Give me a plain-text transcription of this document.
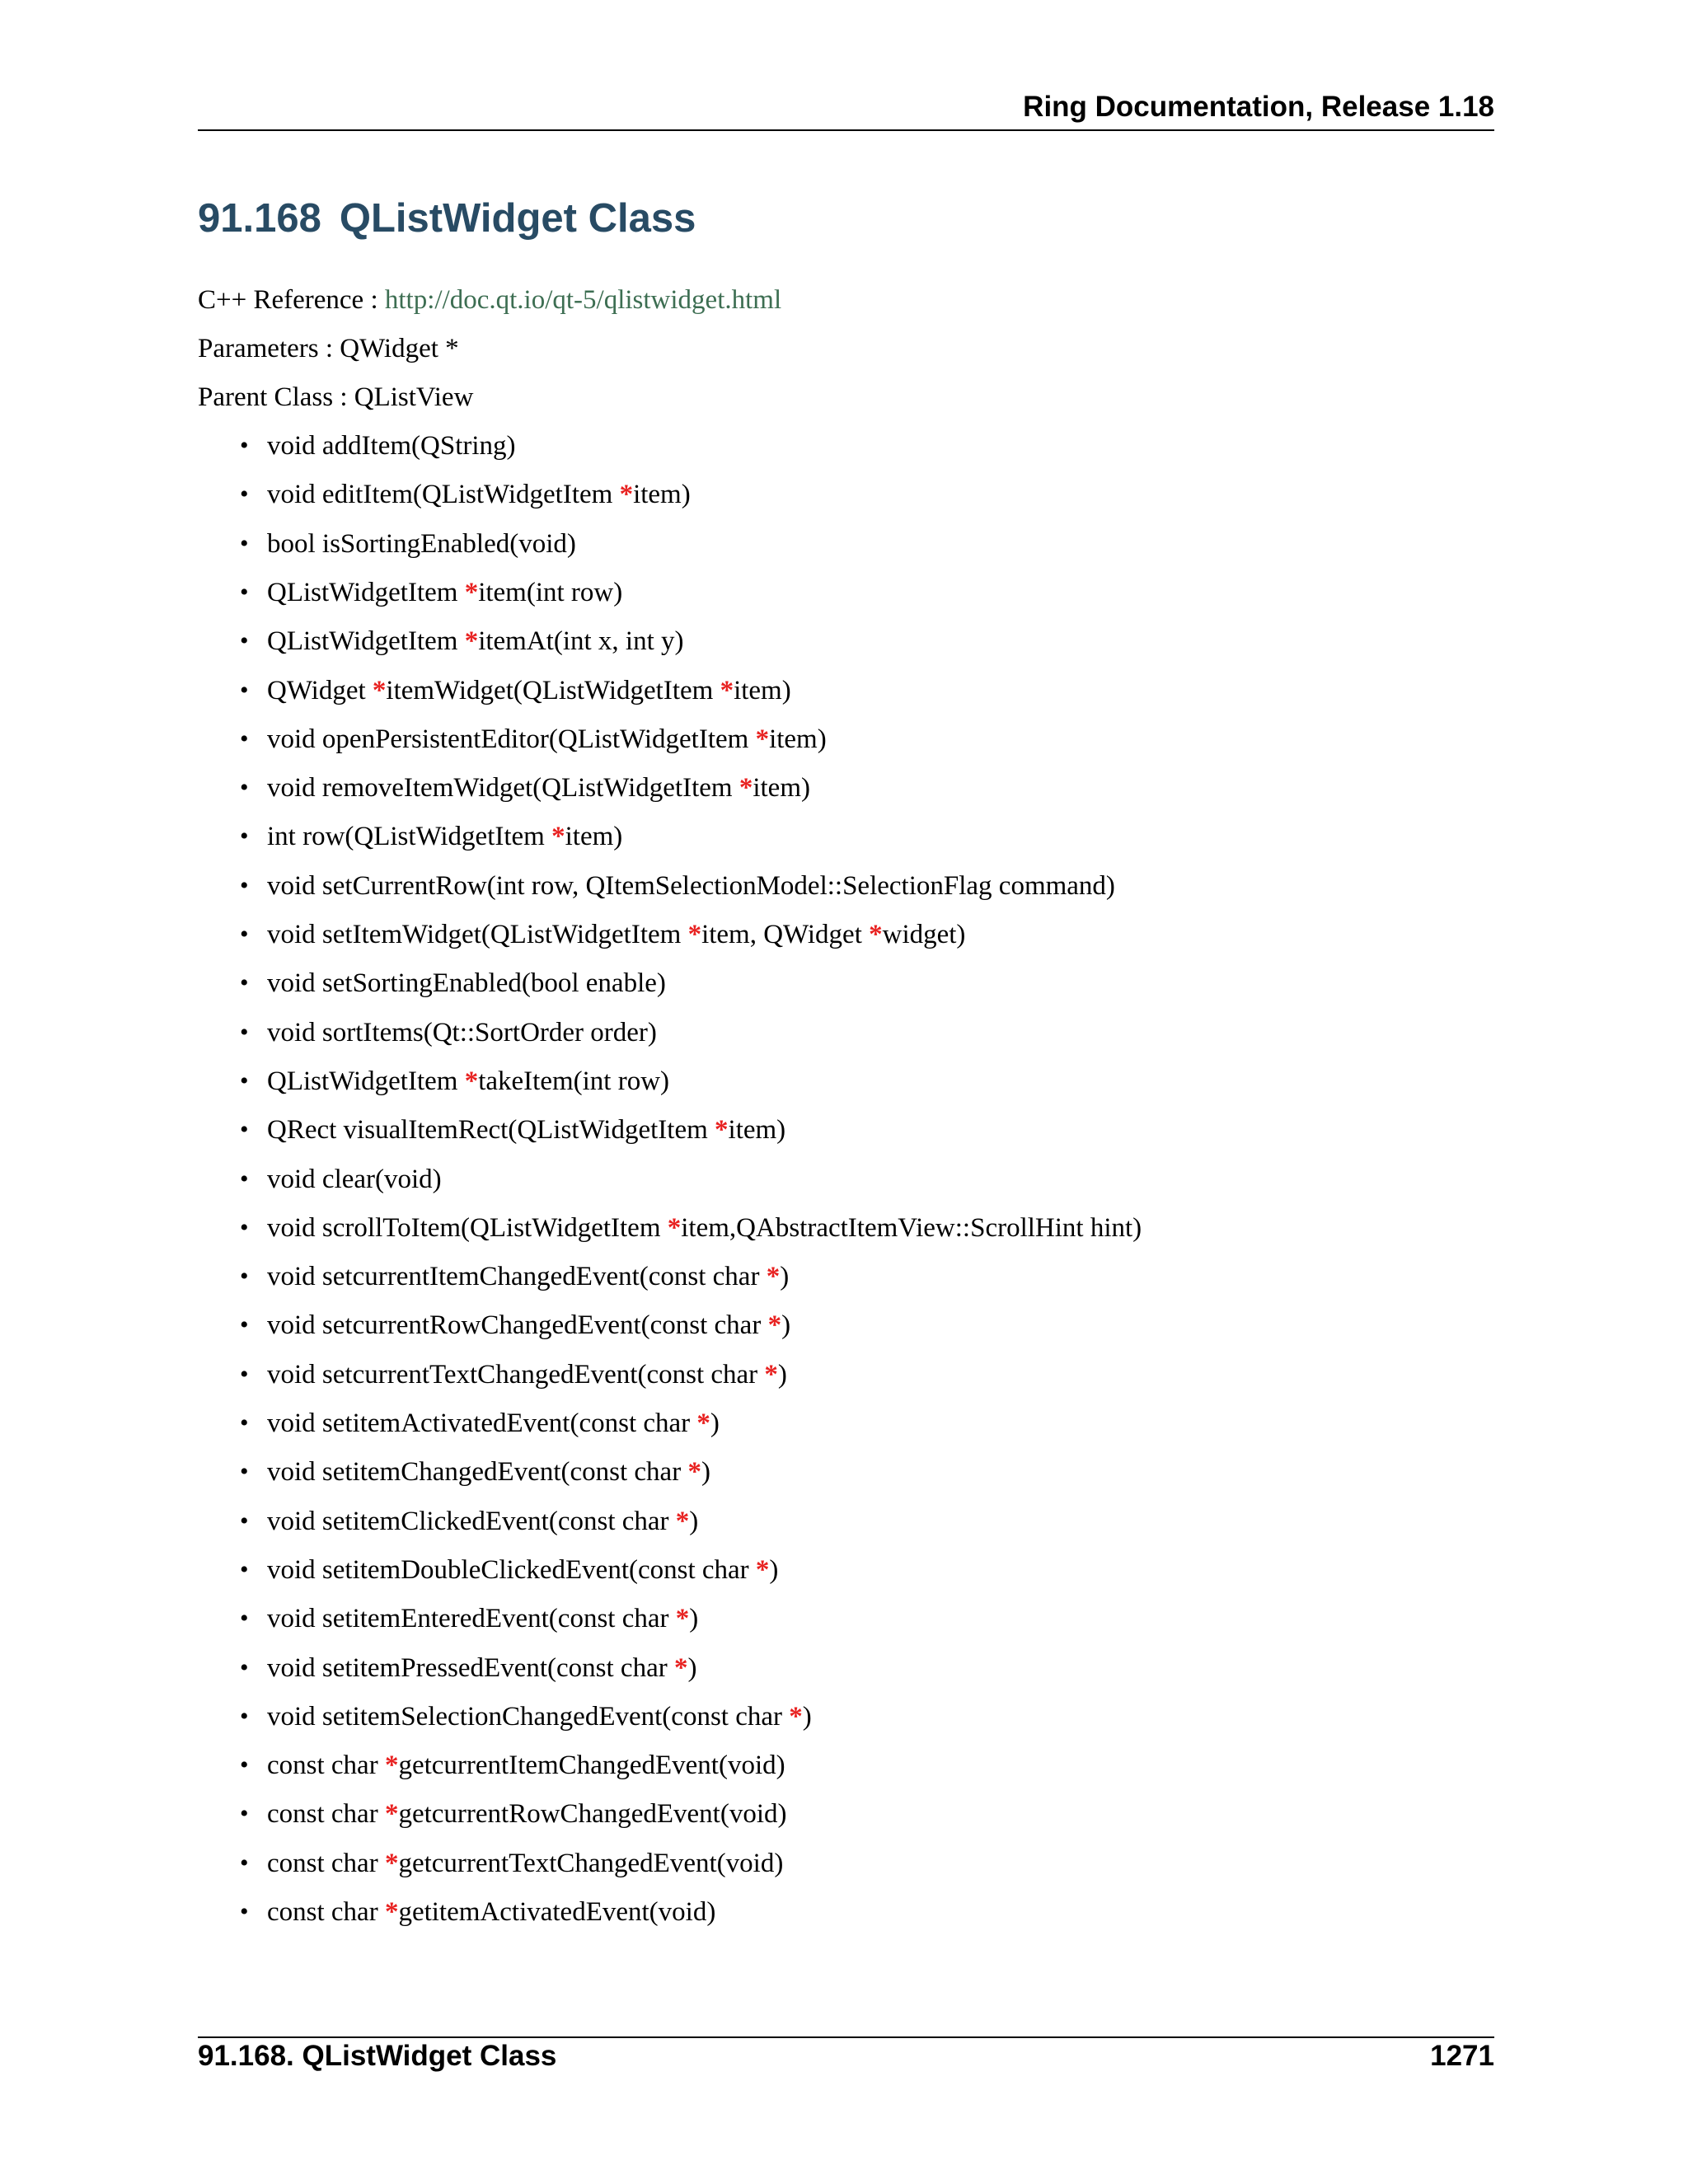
Ring Documentation, Release 1.18
91.168 QListWidget Class
C++ Reference : http://doc.qt.io/qt-5/qlistwidget.html
Parameters : QWidget *
Parent Class : QListView
• void addItem(QString)
• void editItem(QListWidgetItem *item)
• bool isSortingEnabled(void)
• QListWidgetItem *item(int row)
• QListWidgetItem *itemAt(int x, int y)
• QWidget *itemWidget(QListWidgetItem *item)
• void openPersistentEditor(QListWidgetItem *item)
• void removeItemWidget(QListWidgetItem *item)
• int row(QListWidgetItem *item)
• void setCurrentRow(int row, QItemSelectionModel::SelectionFlag command)
• void setItemWidget(QListWidgetItem *item, QWidget *widget)
• void setSortingEnabled(bool enable)
• void sortItems(Qt::SortOrder order)
• QListWidgetItem *takeItem(int row)
• QRect visualItemRect(QListWidgetItem *item)
• void clear(void)
• void scrollToItem(QListWidgetItem *item,QAbstractItemView::ScrollHint hint)
• void setcurrentItemChangedEvent(const char *)
• void setcurrentRowChangedEvent(const char *)
• void setcurrentTextChangedEvent(const char *)
• void setitemActivatedEvent(const char *)
• void setitemChangedEvent(const char *)
• void setitemClickedEvent(const char *)
• void setitemDoubleClickedEvent(const char *)
• void setitemEnteredEvent(const char *)
• void setitemPressedEvent(const char *)
• void setitemSelectionChangedEvent(const char *)
• const char *getcurrentItemChangedEvent(void)
• const char *getcurrentRowChangedEvent(void)
• const char *getcurrentTextChangedEvent(void)
• const char *getitemActivatedEvent(void)
91.168. QListWidget Class	1271
